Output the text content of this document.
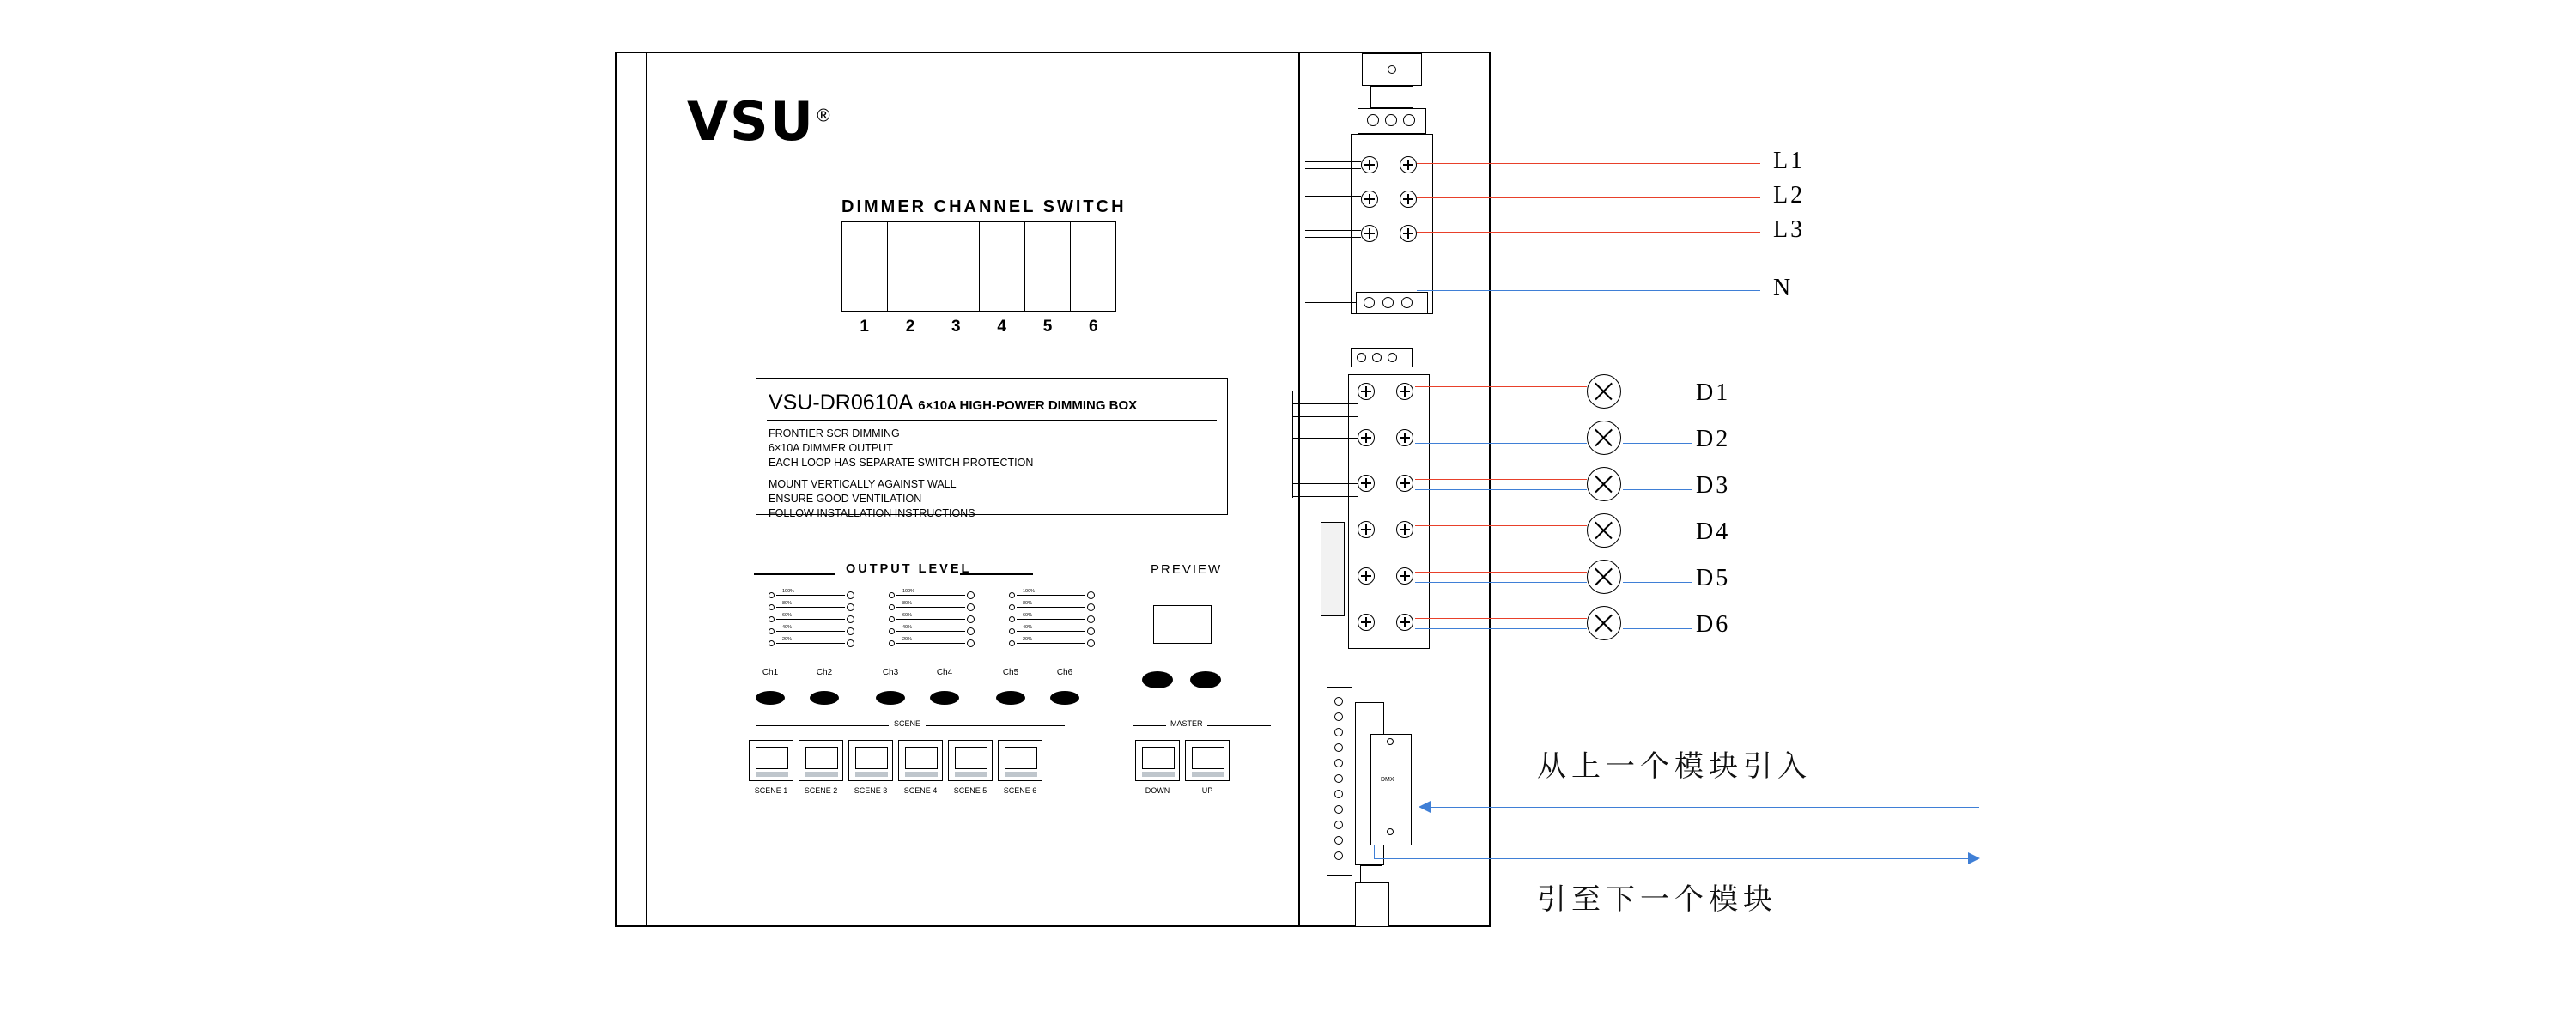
VSU®
DIMMER CHANNEL SWITCH
1	2	3	4	5	6
VSU-DR0610A 6×10A HIGH-POWER DIMMING BOX
FRONTIER SCR DIMMING
6×10A DIMMER OUTPUT
EACH LOOP HAS SEPARATE SWITCH PROTECTION
MOUNT VERTICALLY AGAINST WALL
ENSURE GOOD VENTILATION
FOLLOW INSTALLATION INSTRUCTIONS
OUTPUT LEVEL
100%
80%
60%
40%
20%
100%
80%
60%
40%
20%
100%
80%
60%
40%
20%
Ch1	Ch2	Ch3	Ch4	Ch5	Ch6
SCENE
SCENE 1	SCENE 2	SCENE 3	SCENE 4	SCENE 5	SCENE 6
PREVIEW
MASTER
DOWN	UP
L1
L2
L3
N
D1
D2
D3
D4
D5
D6
DMX	从上一个模块引入
引至下一个模块
